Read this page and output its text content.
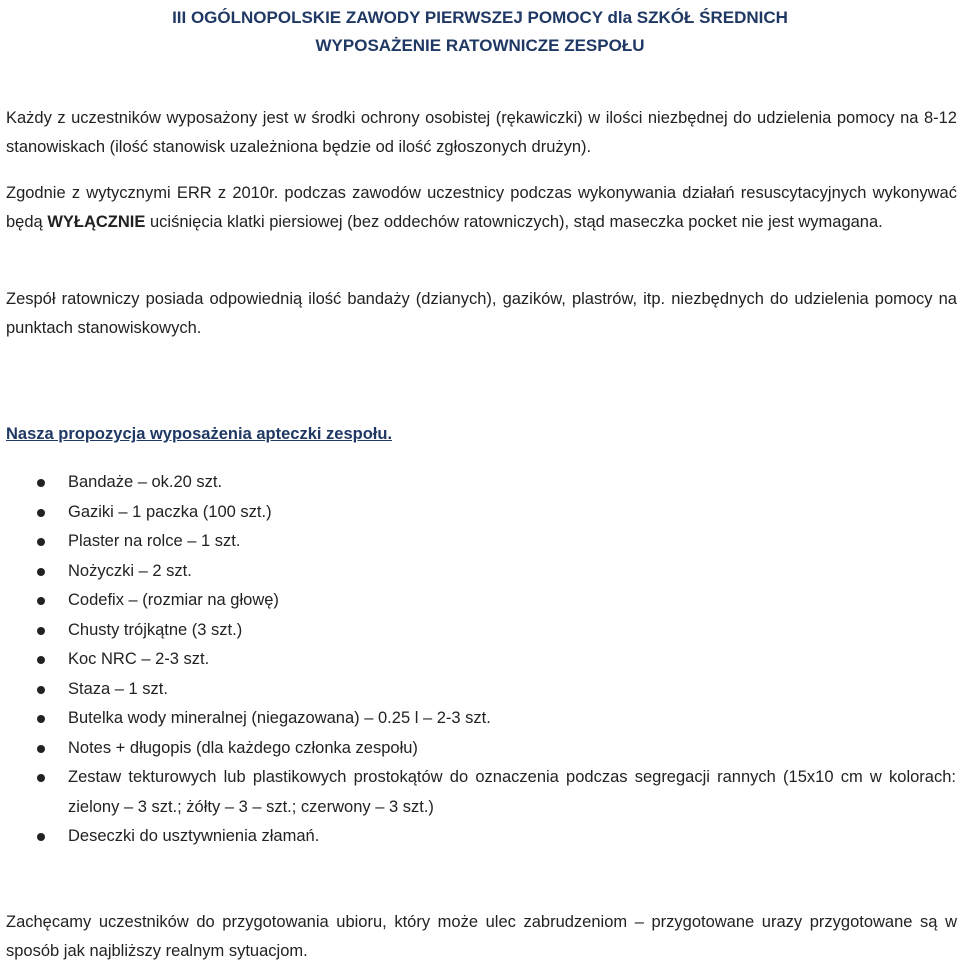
III OGÓLNOPOLSKIE ZAWODY PIERWSZEJ POMOCY dla SZKÓŁ ŚREDNICH
WYPOSAŻENIE RATOWNICZE ZESPOŁU

Każdy z uczestników wyposażony jest w środki ochrony osobistej (rękawiczki) w ilości niezbędnej do udzielenia pomocy na 8-12 stanowiskach (ilość stanowisk uzależniona będzie od ilość zgłoszonych drużyn).

Zgodnie z wytycznymi ERR z 2010r. podczas zawodów uczestnicy podczas wykonywania działań resuscytacyjnych wykonywać będą WYŁĄCZNIE uciśnięcia klatki piersiowej (bez oddechów ratowniczych), stąd maseczka pocket nie jest wymagana.

Zespół ratowniczy posiada odpowiednią ilość bandaży (dzianych), gazików, plastrów, itp. niezbędnych do udzielenia pomocy na punktach stanowiskowych.

Nasza propozycja wyposażenia apteczki zespołu.
Bandaże – ok.20 szt.
Gaziki – 1 paczka (100 szt.)
Plaster na rolce – 1 szt.
Nożyczki – 2 szt.
Codefix – (rozmiar na głowę)
Chusty trójkątne (3 szt.)
Koc NRC – 2-3 szt.
Staza – 1 szt.
Butelka wody mineralnej (niegazowana) – 0.25 l – 2-3 szt.
Notes + długopis (dla każdego członka zespołu)
Zestaw tekturowych lub plastikowych prostokątów do oznaczenia podczas segregacji rannych (15x10 cm w kolorach: zielony – 3 szt.; żółty – 3 – szt.; czerwony – 3 szt.)
Deseczki do usztywnienia złamań.

Zachęcamy uczestników do przygotowania ubioru, który może ulec zabrudzeniom – przygotowane urazy przygotowane są w sposób jak najbliższy realnym sytuacjom.
